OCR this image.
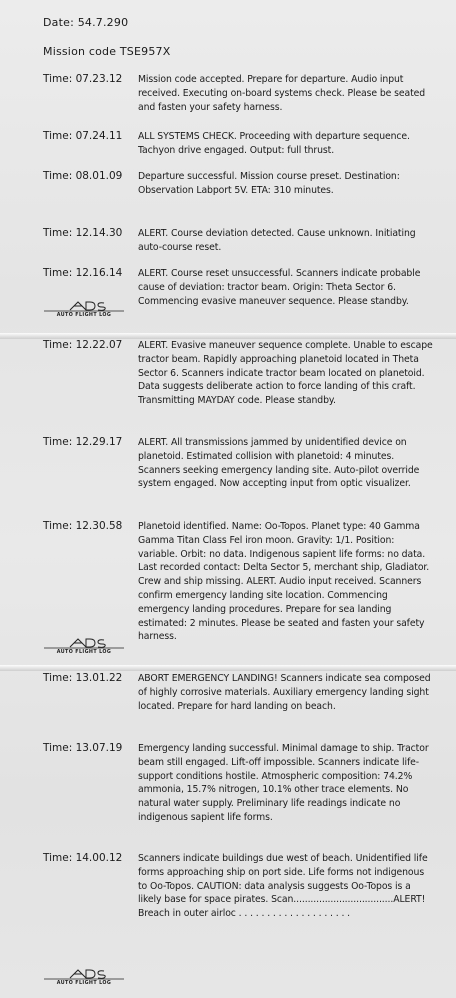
Date: 54.7.290
Mission code TSE957X
Time: 07.23.12	Mission code accepted. Prepare for departure. Audio input received. Executing on-board systems check. Please be seated and fasten your safety harness.
Time: 07.24.11	ALL SYSTEMS CHECK. Proceeding with departure sequence. Tachyon drive engaged. Output: full thrust.
Time: 08.01.09	Departure successful. Mission course preset. Destination: Observation Labport 5V. ETA: 310 minutes.
Time: 12.14.30	ALERT. Course deviation detected. Cause unknown. Initiating auto-course reset.
Time: 12.16.14	ALERT. Course reset unsuccessful. Scanners indicate probable cause of deviation: tractor beam. Origin: Theta Sector 6. Commencing evasive maneuver sequence. Please standby.
AUTO FLIGHT LOG
Time: 12.22.07	ALERT. Evasive maneuver sequence complete. Unable to escape tractor beam. Rapidly approaching planetoid located in Theta Sector 6. Scanners indicate tractor beam located on planetoid. Data suggests deliberate action to force landing of this craft. Transmitting MAYDAY code. Please standby.
Time: 12.29.17	ALERT. All transmissions jammed by unidentified device on planetoid. Estimated collision with planetoid: 4 minutes. Scanners seeking emergency landing site. Auto-pilot override system engaged. Now accepting input from optic visualizer.
Time: 12.30.58	Planetoid identified. Name: Oo-Topos. Planet type: 40 Gamma Gamma Titan Class Fel iron moon. Gravity: 1/1. Position: variable. Orbit: no data. Indigenous sapient life forms: no data. Last recorded contact: Delta Sector 5, merchant ship, Gladiator. Crew and ship missing. ALERT. Audio input received. Scanners confirm emergency landing site location. Commencing emergency landing procedures. Prepare for sea landing estimated: 2 minutes. Please be seated and fasten your safety harness.
AUTO FLIGHT LOG
Time: 13.01.22	ABORT EMERGENCY LANDING! Scanners indicate sea composed of highly corrosive materials. Auxiliary emergency landing sight located. Prepare for hard landing on beach.
Time: 13.07.19	Emergency landing successful. Minimal damage to ship. Tractor beam still engaged. Lift-off impossible. Scanners indicate life-support conditions hostile. Atmospheric composition: 74.2% ammonia, 15.7% nitrogen, 10.1% other trace elements. No natural water supply. Preliminary life readings indicate no indigenous sapient life forms.
Time: 14.00.12	Scanners indicate buildings due west of beach. Unidentified life forms approaching ship on port side. Life forms not indigenous to Oo-Topos. CAUTION: data analysis suggests Oo-Topos is a likely base for space pirates. Scan...................................ALERT! Breach in outer airloc . . . . . . . . . . . . . . . . . . . .
AUTO FLIGHT LOG
